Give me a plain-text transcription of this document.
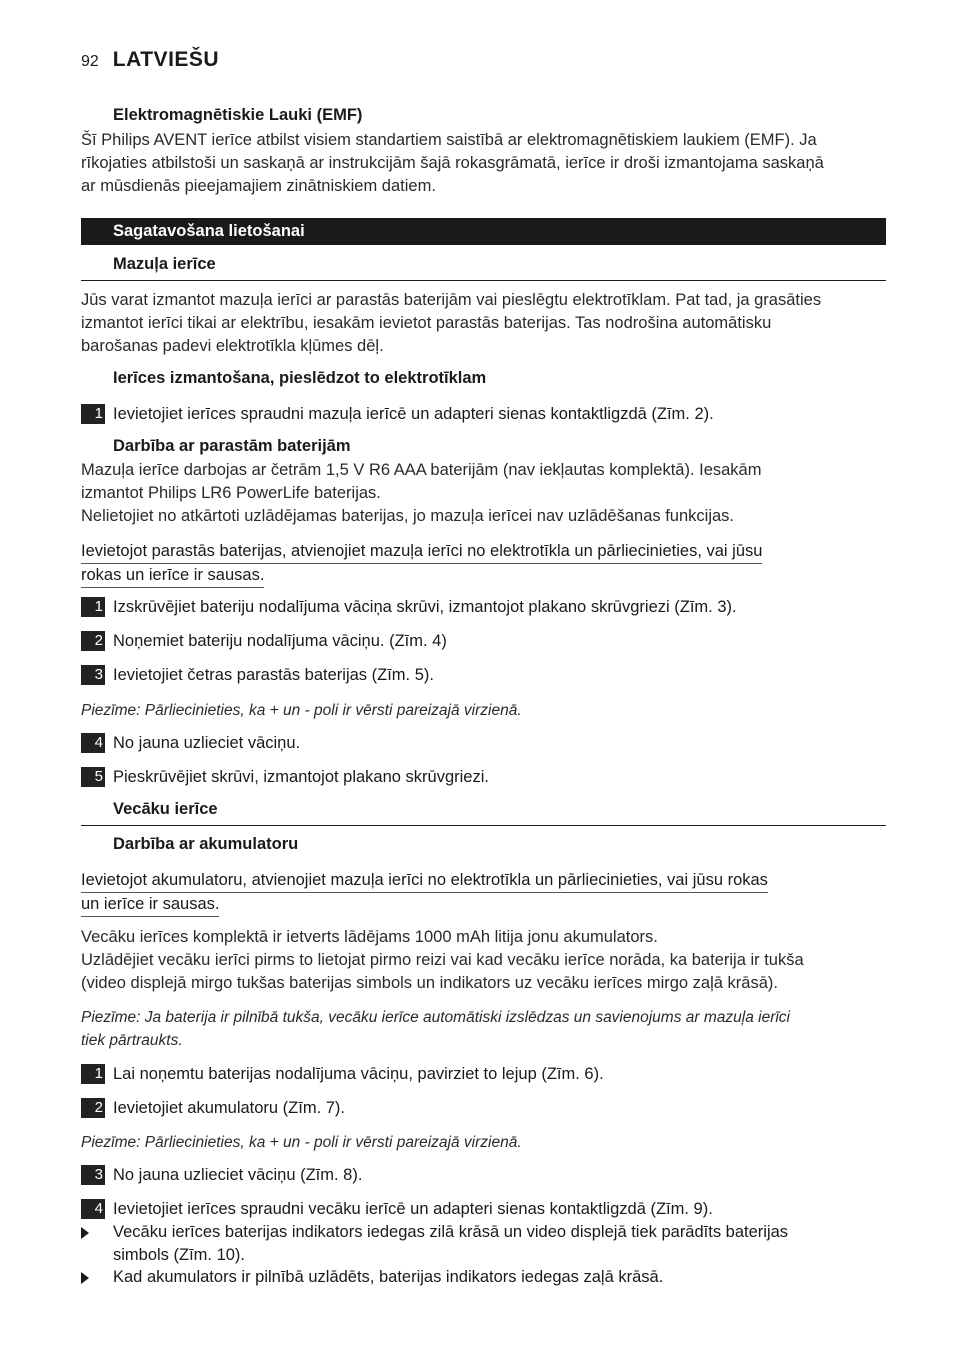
92 LATVIEŠU
Elektromagnētiskie Lauki (EMF)
Šī Philips AVENT ierīce atbilst visiem standartiem saistībā ar elektromagnētiskiem laukiem (EMF). Ja
rīkojaties atbilstoši un saskaņā ar instrukcijām šajā rokasgrāmatā, ierīce ir droši izmantojama saskaņā
ar mūsdienās pieejamajiem zinātniskiem datiem.
Sagatavošana lietošanai
Mazuļa ierīce
Jūs varat izmantot mazuļa ierīci ar parastās baterijām vai pieslēgtu elektrotīklam. Pat tad, ja grasāties
izmantot ierīci tikai ar elektrību, iesakām ievietot parastās baterijas. Tas nodrošina automātisku
barošanas padevi elektrotīkla kļūmes dēļ.
Ierīces izmantošana, pieslēdzot to elektrotīklam
1 Ievietojiet ierīces spraudni mazuļa ierīcē un adapteri sienas kontaktligzdā (Zīm. 2).
Darbība ar parastām baterijām
Mazuļa ierīce darbojas ar četrām 1,5 V R6 AAA baterijām (nav iekļautas komplektā). Iesakām
izmantot Philips LR6 PowerLife baterijas.
Nelietojiet no atkārtoti uzlādējamas baterijas, jo mazuļa ierīcei nav uzlādēšanas funkcijas.
Ievietojot parastās baterijas, atvienojiet mazuļa ierīci no elektrotīkla un pārliecinieties, vai jūsu
rokas un ierīce ir sausas.
1 Izskrūvējiet bateriju nodalījuma vāciņa skrūvi, izmantojot plakano skrūvgriezi (Zīm. 3).
2 Noņemiet bateriju nodalījuma vāciņu. (Zīm. 4)
3 Ievietojiet četras parastās baterijas (Zīm. 5).
Piezīme: Pārliecinieties, ka + un - poli ir vērsti pareizajā virzienā.
4 No jauna uzlieciet vāciņu.
5 Pieskrūvējiet skrūvi, izmantojot plakano skrūvgriezi.
Vecāku ierīce
Darbība ar akumulatoru
Ievietojot akumulatoru, atvienojiet mazuļa ierīci no elektrotīkla un pārliecinieties, vai jūsu rokas
un ierīce ir sausas.
Vecāku ierīces komplektā ir ietverts lādējams 1000 mAh litija jonu akumulators.
Uzlādējiet vecāku ierīci pirms to lietojat pirmo reizi vai kad vecāku ierīce norāda, ka baterija ir tukša
(video displejā mirgo tukšas baterijas simbols un indikators uz vecāku ierīces mirgo zaļā krāsā).
Piezīme: Ja baterija ir pilnībā tukša, vecāku ierīce automātiski izslēdzas un savienojums ar mazuļa ierīci
tiek pārtraukts.
1 Lai noņemtu baterijas nodalījuma vāciņu, pavirziet to lejup (Zīm. 6).
2 Ievietojiet akumulatoru (Zīm. 7).
Piezīme: Pārliecinieties, ka + un - poli ir vērsti pareizajā virzienā.
3 No jauna uzlieciet vāciņu (Zīm. 8).
4 Ievietojiet ierīces spraudni vecāku ierīcē un adapteri sienas kontaktligzdā (Zīm. 9).
Vecāku ierīces baterijas indikators iedegas zilā krāsā un video displejā tiek parādīts baterijas
simbols (Zīm. 10).
Kad akumulators ir pilnībā uzlādēts, baterijas indikators iedegas zaļā krāsā.
